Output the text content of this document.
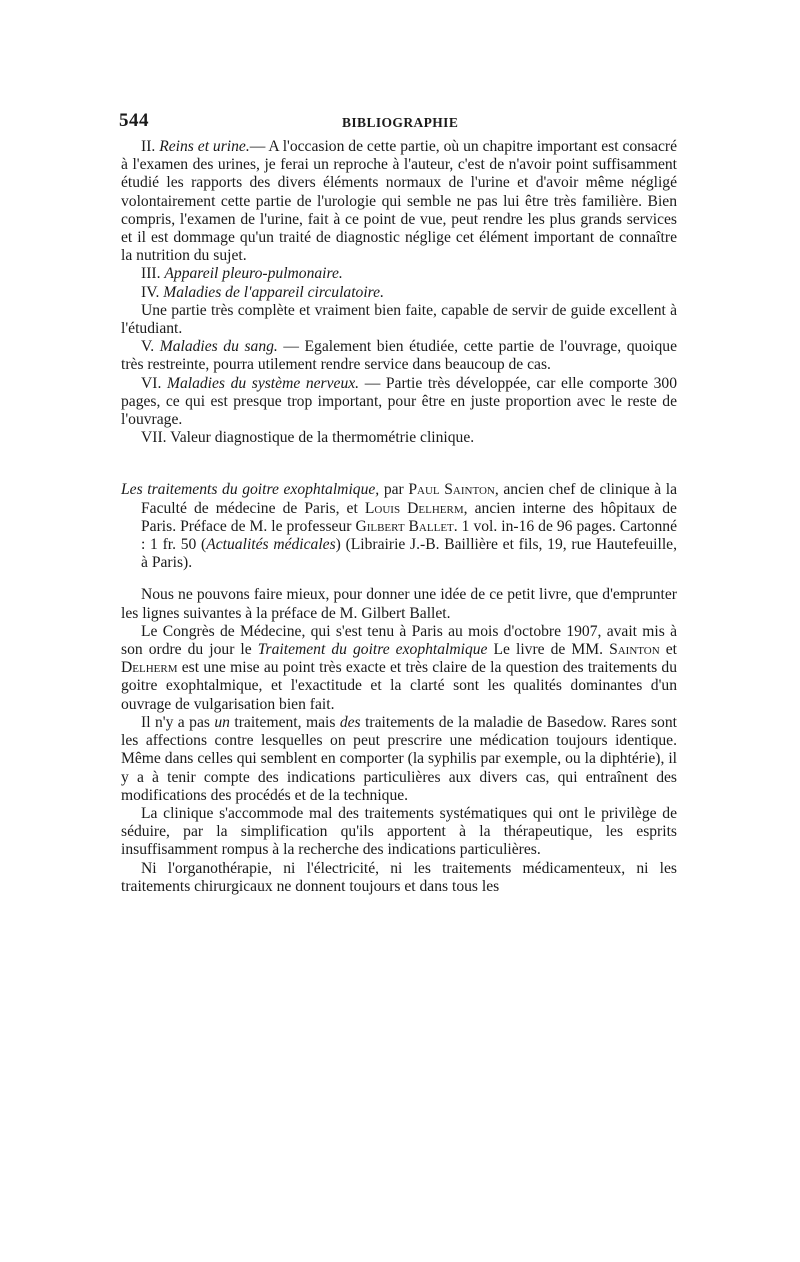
544	BIBLIOGRAPHIE

II. Reins et urine.— A l'occasion de cette partie, où un chapitre important est consacré à l'examen des urines, je ferai un reproche à l'auteur, c'est de n'avoir point suffisamment étudié les rapports des divers éléments normaux de l'urine et d'avoir même négligé volontairement cette partie de l'urologie qui semble ne pas lui être très familière. Bien compris, l'examen de l'urine, fait à ce point de vue, peut rendre les plus grands services et il est dommage qu'un traité de diagnostic néglige cet élément important de connaître la nutrition du sujet.

III. Appareil pleuro-pulmonaire.

IV. Maladies de l'appareil circulatoire.

Une partie très complète et vraiment bien faite, capable de servir de guide excellent à l'étudiant.

V. Maladies du sang. — Egalement bien étudiée, cette partie de l'ouvrage, quoique très restreinte, pourra utilement rendre service dans beaucoup de cas.

VI. Maladies du système nerveux. — Partie très développée, car elle comporte 300 pages, ce qui est presque trop important, pour être en juste proportion avec le reste de l'ouvrage.

VII. Valeur diagnostique de la thermométrie clinique.

Les traitements du goitre exophtalmique, par Paul Sainton, ancien chef de clinique à la Faculté de médecine de Paris, et Louis Delherm, ancien interne des hôpitaux de Paris. Préface de M. le professeur Gilbert Ballet. 1 vol. in-16 de 96 pages. Cartonné : 1 fr. 50 (Actualités médicales) (Librairie J.-B. Baillière et fils, 19, rue Hautefeuille, à Paris).

Nous ne pouvons faire mieux, pour donner une idée de ce petit livre, que d'emprunter les lignes suivantes à la préface de M. Gilbert Ballet.

Le Congrès de Médecine, qui s'est tenu à Paris au mois d'octobre 1907, avait mis à son ordre du jour le Traitement du goitre exophtalmique Le livre de MM. Sainton et Delherm est une mise au point très exacte et très claire de la question des traitements du goitre exophtalmique, et l'exactitude et la clarté sont les qualités dominantes d'un ouvrage de vulgarisation bien fait.

Il n'y a pas un traitement, mais des traitements de la maladie de Basedow. Rares sont les affections contre lesquelles on peut prescrire une médication toujours identique. Même dans celles qui semblent en comporter (la syphilis par exemple, ou la diphtérie), il y a à tenir compte des indications particulières aux divers cas, qui entraînent des modifications des procédés et de la technique.

La clinique s'accommode mal des traitements systématiques qui ont le privilège de séduire, par la simplification qu'ils apportent à la thérapeutique, les esprits insuffisamment rompus à la recherche des indications particulières.

Ni l'organothérapie, ni l'électricité, ni les traitements médicamenteux, ni les traitements chirurgicaux ne donnent toujours et dans tous les
